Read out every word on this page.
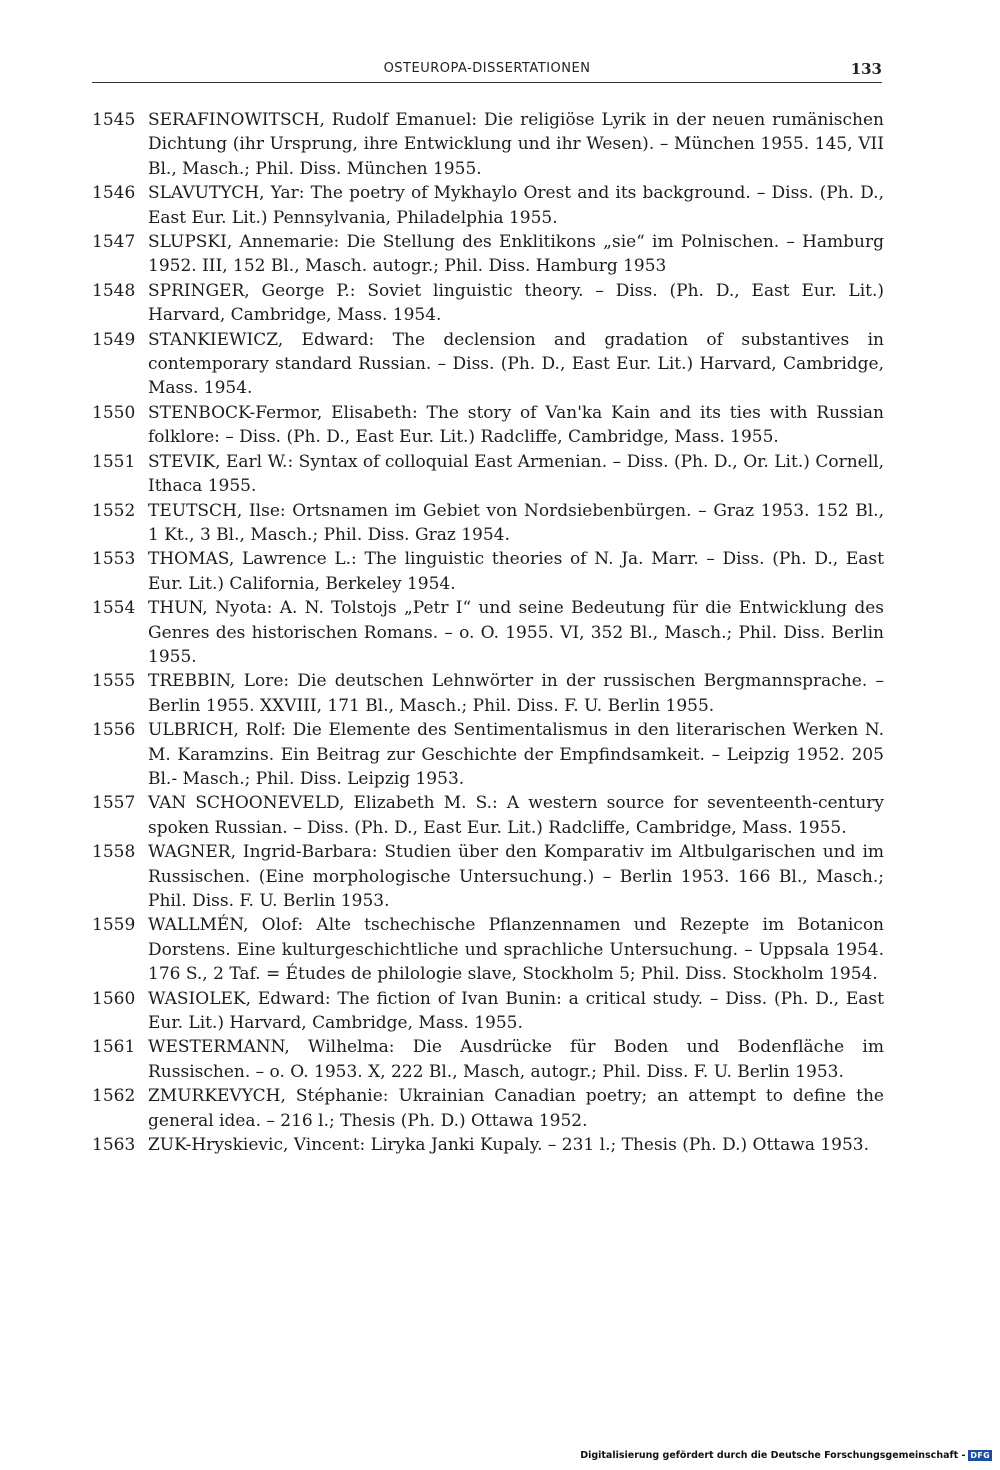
OSTEUROPA-DISSERTATIONEN	133
1545 SERAFINOWITSCH, Rudolf Emanuel: Die religiöse Lyrik in der neuen rumänischen Dichtung (ihr Ursprung, ihre Entwicklung und ihr Wesen). – München 1955. 145, VII Bl., Masch.; Phil. Diss. München 1955.
1546 SLAVUTYCH, Yar: The poetry of Mykhaylo Orest and its background. – Diss. (Ph. D., East Eur. Lit.) Pennsylvania, Philadelphia 1955.
1547 SLUPSKI, Annemarie: Die Stellung des Enklitikons „sie“ im Polnischen. – Hamburg 1952. III, 152 Bl., Masch. autogr.; Phil. Diss. Hamburg 1953
1548 SPRINGER, George P.: Soviet linguistic theory. – Diss. (Ph. D., East Eur. Lit.) Harvard, Cambridge, Mass. 1954.
1549 STANKIEWICZ, Edward: The declension and gradation of substantives in contemporary standard Russian. – Diss. (Ph. D., East Eur. Lit.) Harvard, Cambridge, Mass. 1954.
1550 STENBOCK-Fermor, Elisabeth: The story of Van'ka Kain and its ties with Russian folklore: – Diss. (Ph. D., East Eur. Lit.) Radcliffe, Cambridge, Mass. 1955.
1551 STEVIK, Earl W.: Syntax of colloquial East Armenian. – Diss. (Ph. D., Or. Lit.) Cornell, Ithaca 1955.
1552 TEUTSCH, Ilse: Ortsnamen im Gebiet von Nordsiebenbürgen. – Graz 1953. 152 Bl., 1 Kt., 3 Bl., Masch.; Phil. Diss. Graz 1954.
1553 THOMAS, Lawrence L.: The linguistic theories of N. Ja. Marr. – Diss. (Ph. D., East Eur. Lit.) California, Berkeley 1954.
1554 THUN, Nyota: A. N. Tolstojs „Petr I“ und seine Bedeutung für die Entwicklung des Genres des historischen Romans. – o. O. 1955. VI, 352 Bl., Masch.; Phil. Diss. Berlin 1955.
1555 TREBBIN, Lore: Die deutschen Lehnwörter in der russischen Bergmannsprache. – Berlin 1955. XXVIII, 171 Bl., Masch.; Phil. Diss. F. U. Berlin 1955.
1556 ULBRICH, Rolf: Die Elemente des Sentimentalismus in den literarischen Werken N. M. Karamzins. Ein Beitrag zur Geschichte der Empfindsamkeit. – Leipzig 1952. 205 Bl.- Masch.; Phil. Diss. Leipzig 1953.
1557 VAN SCHOONEVELD, Elizabeth M. S.: A western source for seventeenth-century spoken Russian. – Diss. (Ph. D., East Eur. Lit.) Radcliffe, Cambridge, Mass. 1955.
1558 WAGNER, Ingrid-Barbara: Studien über den Komparativ im Altbulgarischen und im Russischen. (Eine morphologische Untersuchung.) – Berlin 1953. 166 Bl., Masch.; Phil. Diss. F. U. Berlin 1953.
1559 WALLMÉN, Olof: Alte tschechische Pflanzennamen und Rezepte im Botanicon Dorstens. Eine kulturgeschichtliche und sprachliche Untersuchung. – Uppsala 1954. 176 S., 2 Taf. = Études de philologie slave, Stockholm 5; Phil. Diss. Stockholm 1954.
1560 WASIOLEK, Edward: The fiction of Ivan Bunin: a critical study. – Diss. (Ph. D., East Eur. Lit.) Harvard, Cambridge, Mass. 1955.
1561 WESTERMANN, Wilhelma: Die Ausdrücke für Boden und Bodenfläche im Russischen. – o. O. 1953. X, 222 Bl., Masch, autogr.; Phil. Diss. F. U. Berlin 1953.
1562 ZMURKEVYCH, Stéphanie: Ukrainian Canadian poetry; an attempt to define the general idea. – 216 l.; Thesis (Ph. D.) Ottawa 1952.
1563 ZUK-Hryskievic, Vincent: Liryka Janki Kupaly. – 231 l.; Thesis (Ph. D.) Ottawa 1953.
Digitalisierung gefördert durch die Deutsche Forschungsgemeinschaft - DFG
